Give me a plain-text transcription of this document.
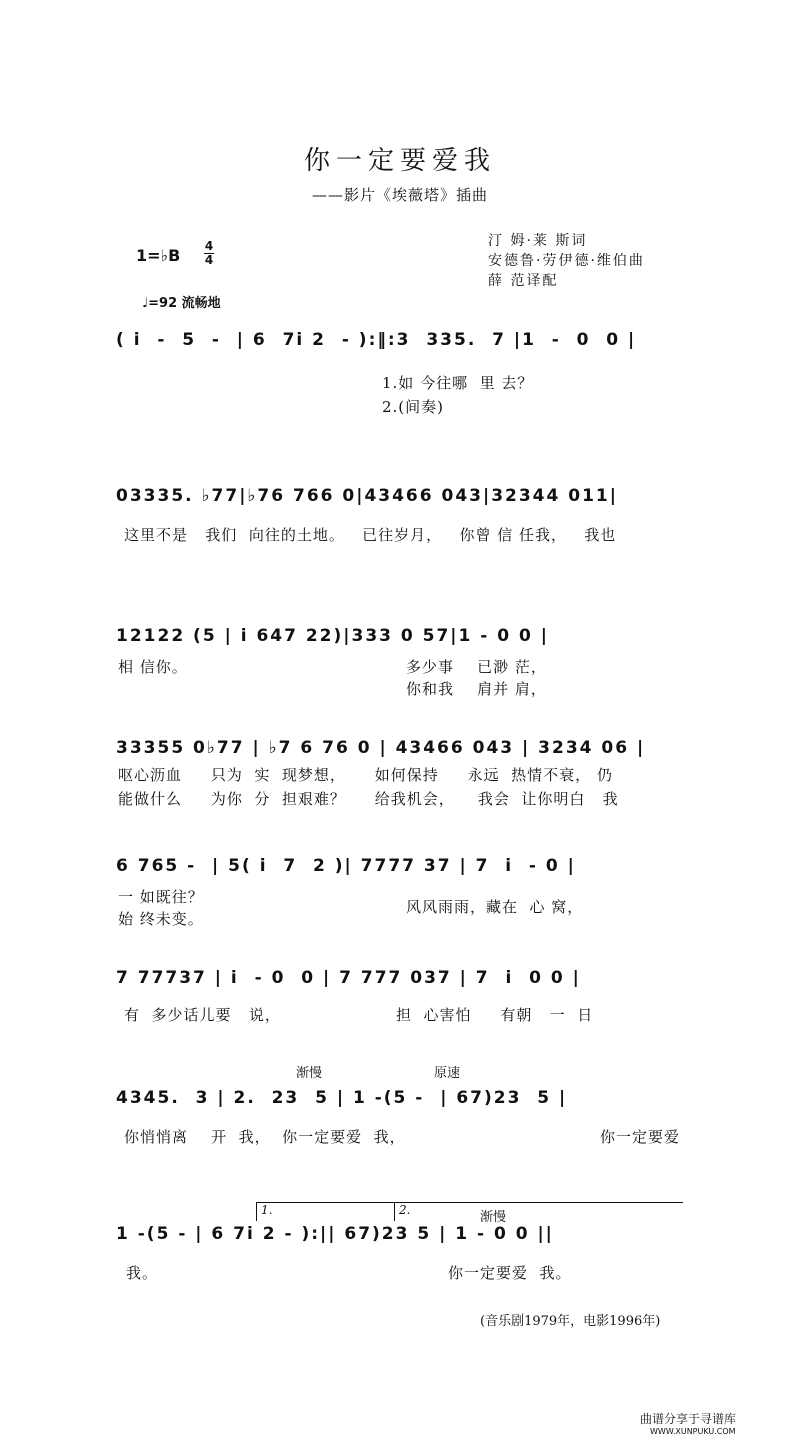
你一定要爱我
——影片《埃薇塔》插曲
汀 姆·莱 斯词
安德鲁·劳伊德·维伯曲
薛 范译配
1=♭B 4
4
♩=92 流畅地
( i  -  5  -  | 6  7i 2  - ):‖:3  335.  7 |1  -  0  0 |
1.如 今往哪  里 去？
2.(间奏)
03335. ♭77|♭76 766 0|43466 043|32344 011|
这里不是   我们  向往的土地。   已往岁月，   你曾 信 任我，   我也
12122 (5 | i 647 22)|333 0 57|1 - 0 0 |
相 信你。	多少事    已渺 茫，
你和我    肩并 肩，
33355 0♭77 | ♭7 6 76 0 | 43466 043 | 3234 06 |
呕心沥血     只为  实  现梦想，     如何保持     永远  热情不衰， 仍
能做什么     为你  分  担艰难？     给我机会，    我会  让你明白   我
6 765 -  | 5( i  7  2 )| 7777 37 | 7  i  - 0 |
一 如既往？
始 终未变。
风风雨雨，藏在  心 窝，
7 77737 | i  - 0  0 | 7 777 037 | 7  i  0 0 |
有  多少话儿要   说，	担  心害怕     有朝   一  日
渐慢	原速
4345.  3 | 2.  23  5 | 1 -(5 -  | 67)23  5 |
你悄悄离    开  我，  你一定要爱  我，	你一定要爱
1.	2.	渐慢
1 -(5 - | 6 7i 2 - ):|| 67)23 5 | 1 - 0 0 ||
我。	你一定要爱  我。
(音乐剧1979年，电影1996年)
曲谱分享于寻谱库
WWW.XUNPUKU.COM
